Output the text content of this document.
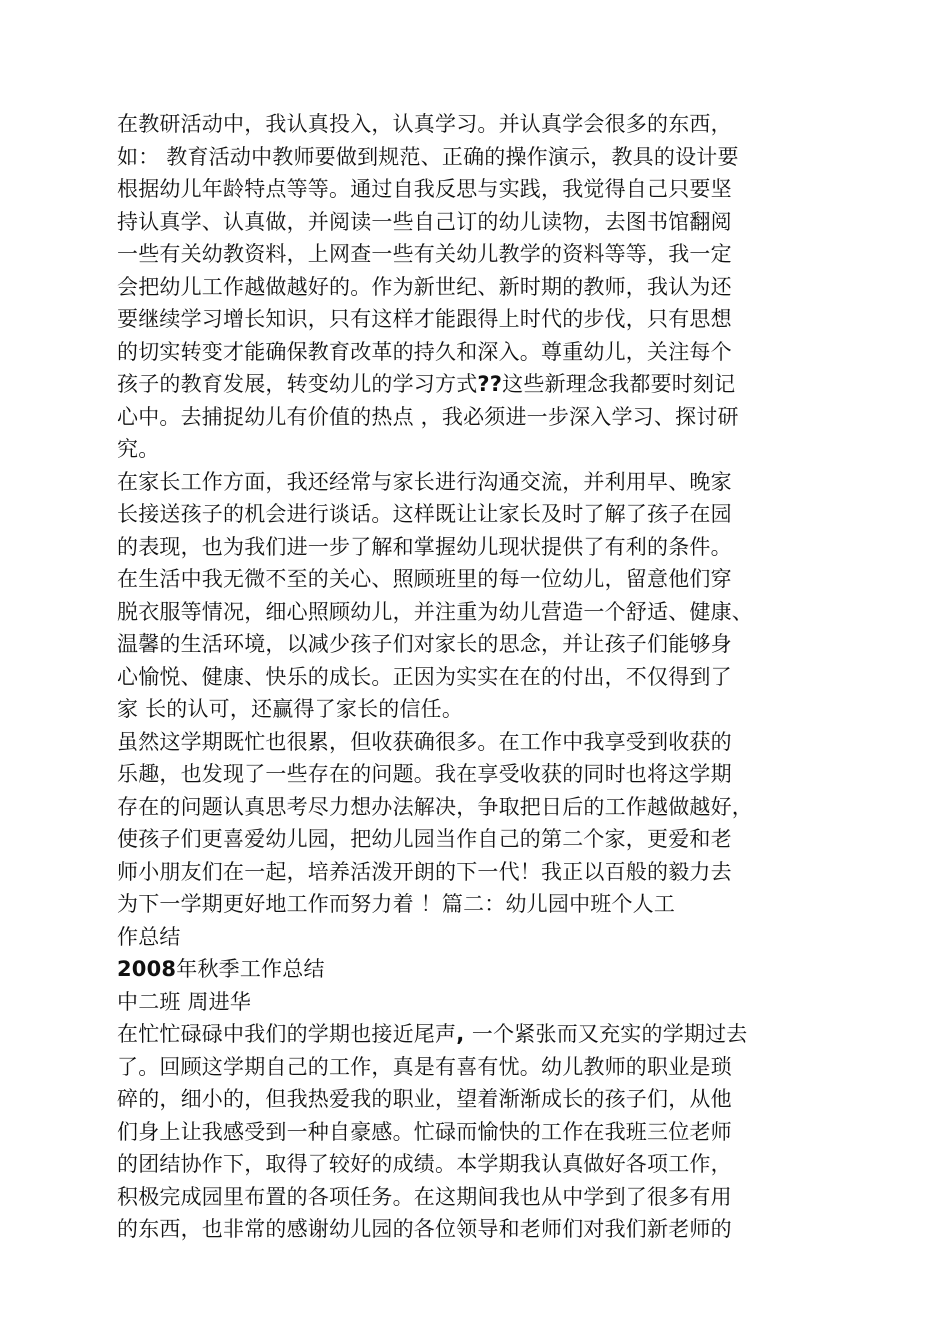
在教研活动中，我认真投入，认真学习。并认真学会很多的东西，
如： 教育活动中教师要做到规范、正确的操作演示，教具的设计要
根据幼儿年龄特点等等。通过自我反思与实践，我觉得自己只要坚
持认真学、认真做，并阅读一些自己订的幼儿读物，去图书馆翻阅
一些有关幼教资料，上网查一些有关幼儿教学的资料等等，我一定
会把幼儿工作越做越好的。作为新世纪、新时期的教师，我认为还
要继续学习增长知识，只有这样才能跟得上时代的步伐，只有思想
的切实转变才能确保教育改革的持久和深入。尊重幼儿，关注每个
孩子的教育发展，转变幼儿的学习方式??这些新理念我都要时刻记
心中。去捕捉幼儿有价值的热点 ，我必须进一步深入学习、探讨研
究。
在家长工作方面，我还经常与家长进行沟通交流，并利用早、晚家
长接送孩子的机会进行谈话。这样既让让家长及时了解了孩子在园
的表现，也为我们进一步了解和掌握幼儿现状提供了有利的条件。
在生活中我无微不至的关心、照顾班里的每一位幼儿，留意他们穿
脱衣服等情况，细心照顾幼儿，并注重为幼儿营造一个舒适、健康、
温馨的生活环境，以减少孩子们对家长的思念，并让孩子们能够身
心愉悦、健康、快乐的成长。正因为实实在在的付出，不仅得到了
家 长的认可，还赢得了家长的信任。
虽然这学期既忙也很累，但收获确很多。在工作中我享受到收获的
乐趣，也发现了一些存在的问题。我在享受收获的同时也将这学期
存在的问题认真思考尽力想办法解决，争取把日后的工作越做越好，
使孩子们更喜爱幼儿园，把幼儿园当作自己的第二个家，更爱和老
师小朋友们在一起，培养活泼开朗的下一代！我正以百般的毅力去
为下一学期更好地工作而努力着 ！篇二：幼儿园中班个人工
作总结
2008年秋季工作总结
中二班 周进华
在忙忙碌碌中我们的学期也接近尾声, 一个紧张而又充实的学期过去
了。回顾这学期自己的工作，真是有喜有忧。幼儿教师的职业是琐
碎的，细小的，但我热爱我的职业，望着渐渐成长的孩子们，从他
们身上让我感受到一种自豪感。忙碌而愉快的工作在我班三位老师
的团结协作下，取得了较好的成绩。本学期我认真做好各项工作，
积极完成园里布置的各项任务。在这期间我也从中学到了很多有用
的东西，也非常的感谢幼儿园的各位领导和老师们对我们新老师的
